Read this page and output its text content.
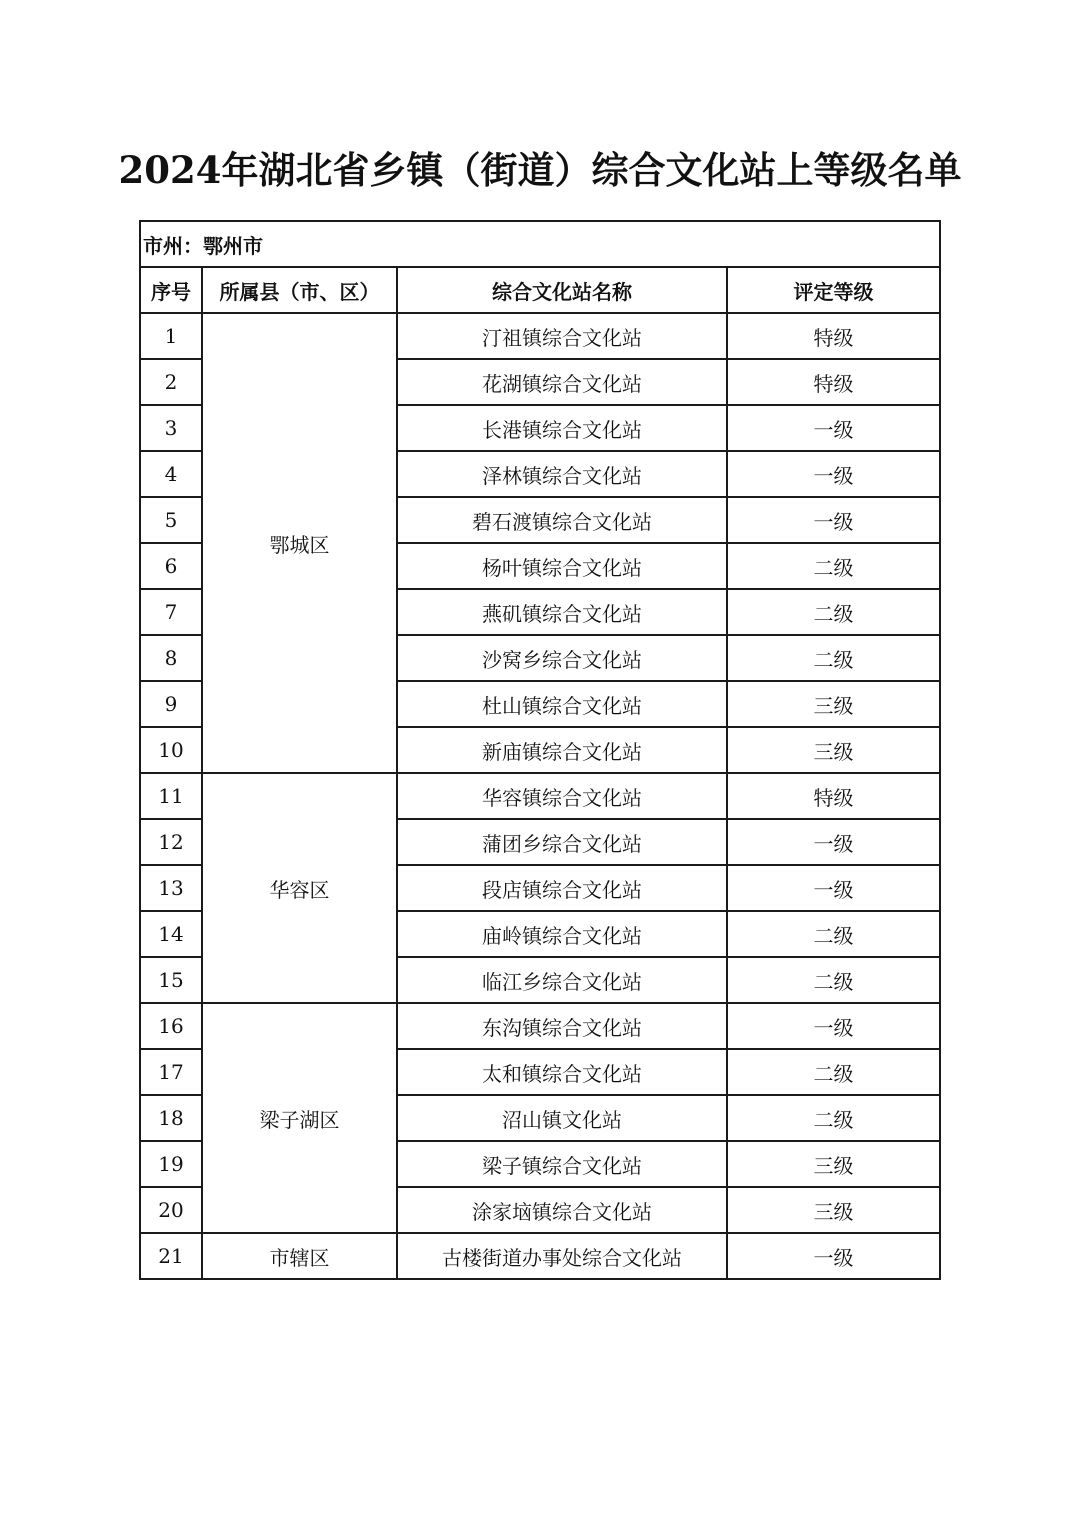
2024年湖北省乡镇（街道）综合文化站上等级名单
市州：鄂州市			
序号	所属县（市、区）	综合文化站名称	评定等级
1	鄂城区	汀祖镇综合文化站	特级
2		花湖镇综合文化站	特级
3		长港镇综合文化站	一级
4		泽林镇综合文化站	一级
5		碧石渡镇综合文化站	一级
6		杨叶镇综合文化站	二级
7		燕矶镇综合文化站	二级
8		沙窝乡综合文化站	二级
9		杜山镇综合文化站	三级
10		新庙镇综合文化站	三级
11	华容区	华容镇综合文化站	特级
12		蒲团乡综合文化站	一级
13		段店镇综合文化站	一级
14		庙岭镇综合文化站	二级
15		临江乡综合文化站	二级
16	梁子湖区	东沟镇综合文化站	一级
17		太和镇综合文化站	二级
18		沼山镇文化站	二级
19		梁子镇综合文化站	三级
20		涂家垴镇综合文化站	三级
21	市辖区	古楼街道办事处综合文化站	一级
